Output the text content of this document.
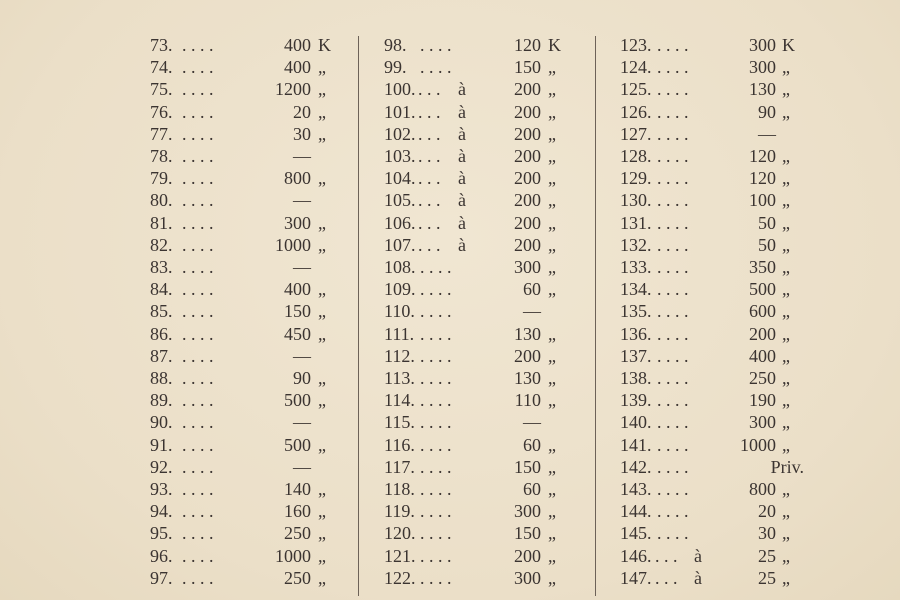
73. . . . .	400 K
74. . . . .	400 „
75. . . . .	1200 „
76. . . . .	20 „
77. . . . .	30 „
78. . . . .	—
79. . . . .	800 „
80. . . . .	—
81. . . . .	300 „
82. . . . .	1000 „
83. . . . .	—
84. . . . .	400 „
85. . . . .	150 „
86. . . . .	450 „
87. . . . .	—
88. . . . .	90 „
89. . . . .	500 „
90. . . . .	—
91. . . . .	500 „
92. . . . .	—
93. . . . .	140 „
94. . . . .	160 „
95. . . . .	250 „
96. . . . .	1000 „
97. . . . .	250 „
98. . . . .	120 K
99. . . . .	150 „
100. . . . à	200 „
101. . . . à	200 „
102. . . . à	200 „
103. . . . à	200 „
104. . . . à	200 „
105. . . . à	200 „
106. . . . à	200 „
107. . . . à	200 „
108. . . . .	300 „
109. . . . .	60 „
110. . . . .	—
111. . . . .	130 „
112. . . . .	200 „
113. . . . .	130 „
114. . . . .	110 „
115. . . . .	—
116. . . . .	60 „
117. . . . .	150 „
118. . . . .	60 „
119. . . . .	300 „
120. . . . .	150 „
121. . . . .	200 „
122. . . . .	300 „
123. . . . .	300 K
124. . . . .	300 „
125. . . . .	130 „
126. . . . .	90 „
127. . . . .	—
128. . . . .	120 „
129. . . . .	120 „
130. . . . .	100 „
131. . . . .	50 „
132. . . . .	50 „
133. . . . .	350 „
134. . . . .	500 „
135. . . . .	600 „
136. . . . .	200 „
137. . . . .	400 „
138. . . . .	250 „
139. . . . .	190 „
140. . . . .	300 „
141. . . . .	1000 „
142. . . . .	Priv.
143. . . . .	800 „
144. . . . .	20 „
145. . . . .	30 „
146. . . . à	25 „
147. . . . à	25 „
